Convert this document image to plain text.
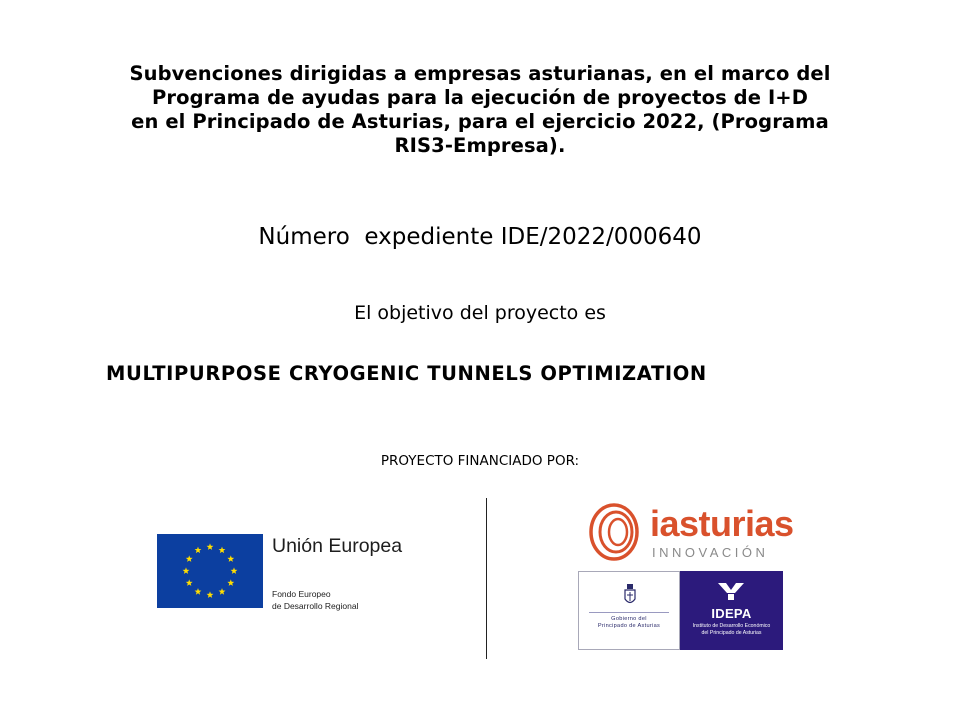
Subvenciones dirigidas a empresas asturianas, en el marco del
Programa de ayudas para la ejecución de proyectos de I+D
en el Principado de Asturias, para el ejercicio 2022, (Programa
RIS3-Empresa).
Número  expediente IDE/2022/000640
El objetivo del proyecto es
MULTIPURPOSE CRYOGENIC TUNNELS OPTIMIZATION
PROYECTO FINANCIADO POR:
Unión Europea
Fondo Europeo
de Desarrollo Regional
iasturias
INNOVACIÓN
Gobierno del
Principado de Asturias
IDEPA
Instituto de Desarrollo Económico
del Principado de Asturias
